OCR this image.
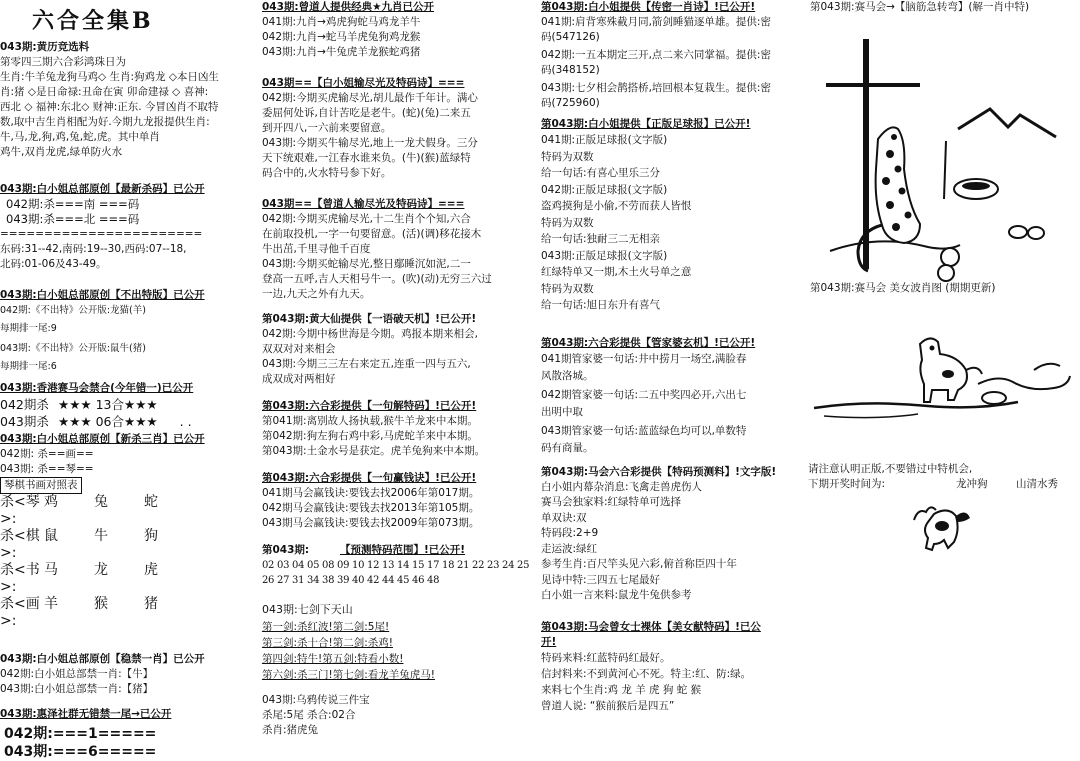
六合全集B
043期:黄历竞选料
第零四三期六合彩鸿珠日为
生肖:牛羊兔龙狗马鸡◇ 生肖:狗鸡龙 ◇本日凶生
肖:猪 ◇是日命禄:丑命在寅 卯命建禄 ◇ 喜神:
西北 ◇ 福神:东北◇ 财神:正东. 今冒凶肖不取特
数,取中吉生肖相配为好.今期九龙报提供生肖:
牛,马,龙,狗,鸡,兔,蛇,虎。其中单肖
鸡牛,双肖龙虎,绿单防火水
043期:白小姐总部原创【最新杀码】已公开
042期:杀===南 ===码
043期:杀===北 ===码
=======================
东码:31--42,南码:19--30,西码:07--18,
北码:01-06及43-49。
043期:白小姐总部原创【不出特版】已公开
042期:《不出特》公开版:龙猫(羊)
每期排一尾:9
043期:《不出特》公开版:鼠牛(猪)
每期排一尾:6
043期:香港赛马会禁合(今年错一)已公开
042期杀 ★★★ 13合★★★
043期杀 ★★★ 06合★★★ . .
043期:白小姐总部原创【新杀三肖】已公开
042期: 杀==画==
043期: 杀==琴==
琴棋书画对照表
杀<琴>:
鸡	兔	蛇
杀<棋>:
鼠	牛	狗
杀<书>:
马	龙	虎
杀<画>:
羊	猴	猪
043期:白小姐总部原创【稳禁一肖】已公开
042期:白小姐总部禁一肖:【牛】
043期:白小姐总部禁一肖:【猪】
043期:惠泽社群无错禁一尾→已公开
042期:===1=====
043期:===6=====
043期:曾道人提供经典★九肖已公开
041期:九肖→鸡虎狗蛇马鸡龙羊牛
042期:九肖→蛇马羊虎兔狗鸡龙猴
043期:九肖→牛兔虎羊龙猴蛇鸡猪
043期==【白小姐输尽光及特码诗】===
042期:今期买虎输尽光,胡儿最作千年计。满心
委屈何处诉,自计苦吃是老牛。(蛇)(兔)二来五
到开四八,一六前来要留意。
043期:今期买牛输尽光,地上一龙犬假身。三分
天下统艰难,一江春水谁来负。(牛)(猴)蓝绿特
码合中的,火水特号参下好。
043期==【曾道人输尽光及特码诗】===
042期:今期买虎输尽光,十二生肖个个知,六合
在前取投机,一字一句要留意。(活)(调)移花接木
牛出茁,千里寻他千百度
043期:今期买蛇输尽光,整日鄢睡沉如泥,二一
登高一五呼,吉人天相号牛一。(吹)(动)无穷三六过
一边,九天之外有九天。
第043期:黄大仙提供【一语破天机】!已公开!
042期:今期中杨世海是今期。鸡报本期来相会,
双双对对来相会
043期:今期三三左右来定五,连重一四与五六,
成双成对两相好
第043期:六合彩提供【一句解特码】!已公开!
第041期:离别故人扬执载,猴牛羊龙来中本期。
第042期:狗左狗右鸡中彩,马虎蛇羊来中本期。
第043期:土金水号是获定。虎羊兔狗来中本期。
第043期:六合彩提供【一句赢钱诀】!已公开!
041期马会赢钱诀:要钱去找2006年第017期。
042期马会赢钱诀:要钱去找2013年第105期。
043期马会赢钱诀:要钱去找2009年第073期。
第043期:	【预测特码范围】!已公开!
02 03 04 05 08 09 10 12 13 14 15 17 18 21 22 23 24 25
26 27 31 34 38 39 40 42 44 45 46 48
043期:七剑下天山
第一剑:杀红波!第二剑:5尾!
第三剑:杀十合!第二剑:杀鸡!
第四剑:特牛!第五剑:特看小数!
第六剑:杀三门!第七剑:看龙羊兔虎马!
043期:乌鸦传说三件宝
杀尾:5尾 杀合:02合
杀肖:猪虎兔
第043期:白小姐提供【传密一肖诗】!已公开!
041期:肩背寒殊截月同,箭剑睡猫逐单雄。提供:密
码(547126)
042期:一五本期定三开,点二来六同掌福。提供:密
码(348152)
043期:七夕相会鹊搭桥,培回根本复栽生。提供:密
码(725960)
第043期:白小姐提供【正版足球报】已公开!
041期:正版足球报(文字版)
特码为双数
给一句话:有喜心里乐三分
042期:正版足球报(文字版)
盗鸡摸狗是小偷,不劳而获人皆恨
特码为双数
给一句话:独耐三二无相亲
043期:正版足球报(文字版)
红绿特单又一期,木土火号单之意
特码为双数
给一句话:旭日东升有喜气
第043期:六合彩提供【管家婆玄机】!已公开!
041期管家婆一句话:井中捞月一场空,满脸春
风散洛城。
042期管家婆一句话:二五中奖四必开,六出七
出明中取
043期管家婆一句话:蓝蓝绿色均可以,单数特
码有商量。
第043期:马会六合彩提供【特码预测料】!文字版!
白小姐内幕杂消息:飞禽走兽虎伤人
赛马会独家料:红绿特单可选择
单双诀:双
特码段:2+9
走运波:绿红
参考生肖:百尺竿头见六彩,俯首称臣四十年
见诗中特:三四五七尾最好
白小姐一言来料:鼠龙牛兔供参考
第043期:马会曾女士裸体【美女献特码】!已公
开!
特码来料:红蓝特码红最好。
信封料来:不到黄河心不死。特主:红、防:绿。
来料七个生肖:鸡 龙 羊 虎 狗 蛇 猴
曾道人说: “猴前猴后是四五”
第043期:赛马会→【脑筋急转弯】(解一肖中特)
第043期:赛马会 美女波肖图 (期期更新)
请注意认明正版,不要错过中特机会,
下期开奖时间为:	龙冲狗	山清水秀
